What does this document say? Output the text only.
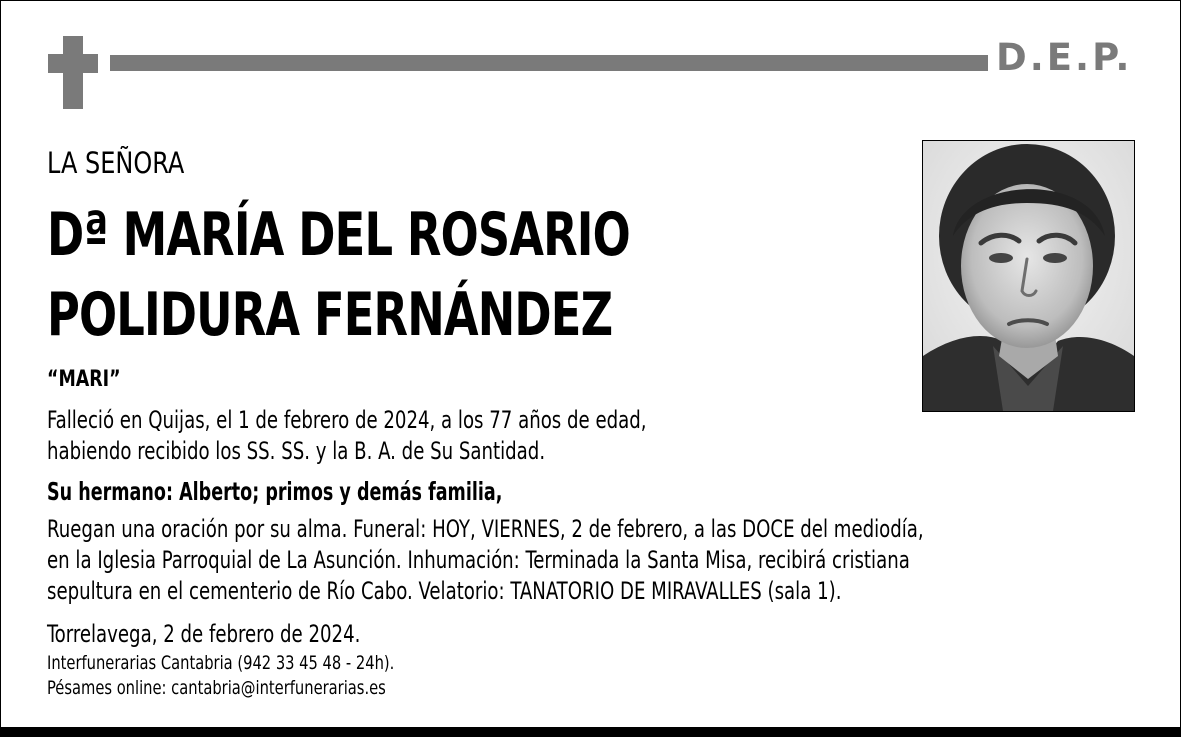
D.E.P.
LA SEÑORA
Dª MARÍA DEL ROSARIO
POLIDURA FERNÁNDEZ
“MARI”
Falleció en Quijas, el 1 de febrero de 2024, a los 77 años de edad,
habiendo recibido los SS. SS. y la B. A. de Su Santidad.
Su hermano: Alberto; primos y demás familia,
Ruegan una oración por su alma. Funeral: HOY, VIERNES, 2 de febrero, a las DOCE del mediodía,
en la Iglesia Parroquial de La Asunción. Inhumación: Terminada la Santa Misa, recibirá cristiana
sepultura en el cementerio de Río Cabo. Velatorio: TANATORIO DE MIRAVALLES (sala 1).
Torrelavega, 2 de febrero de 2024.
Interfunerarias Cantabria (942 33 45 48 - 24h).
Pésames online: cantabria@interfunerarias.es
